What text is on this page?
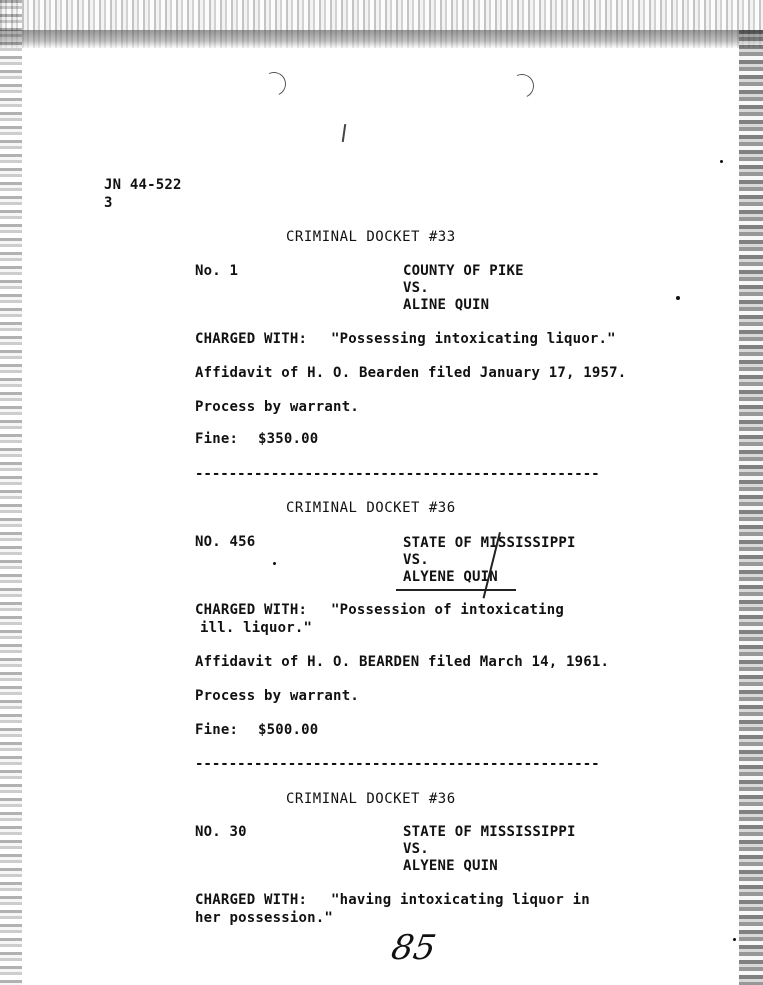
JN 44-522
3
CRIMINAL DOCKET #33
No. 1	COUNTY OF PIKE
VS.
ALINE QUIN
CHARGED WITH: "Possessing intoxicating liquor."
Affidavit of H. O. Bearden filed January 17, 1957.
Process by warrant.
Fine: $350.00
------------------------------------------------
CRIMINAL DOCKET #36
NO. 456	STATE OF MISSISSIPPI
VS.
ALYENE QUIN
CHARGED WITH: "Possession of intoxicating
ill. liquor."
Affidavit of H. O. BEARDEN filed March 14, 1961.
Process by warrant.
Fine: $500.00
------------------------------------------------
CRIMINAL DOCKET #36
NO. 30	STATE OF MISSISSIPPI
VS.
ALYENE QUIN
CHARGED WITH: "having intoxicating liquor in
her possession."
85
